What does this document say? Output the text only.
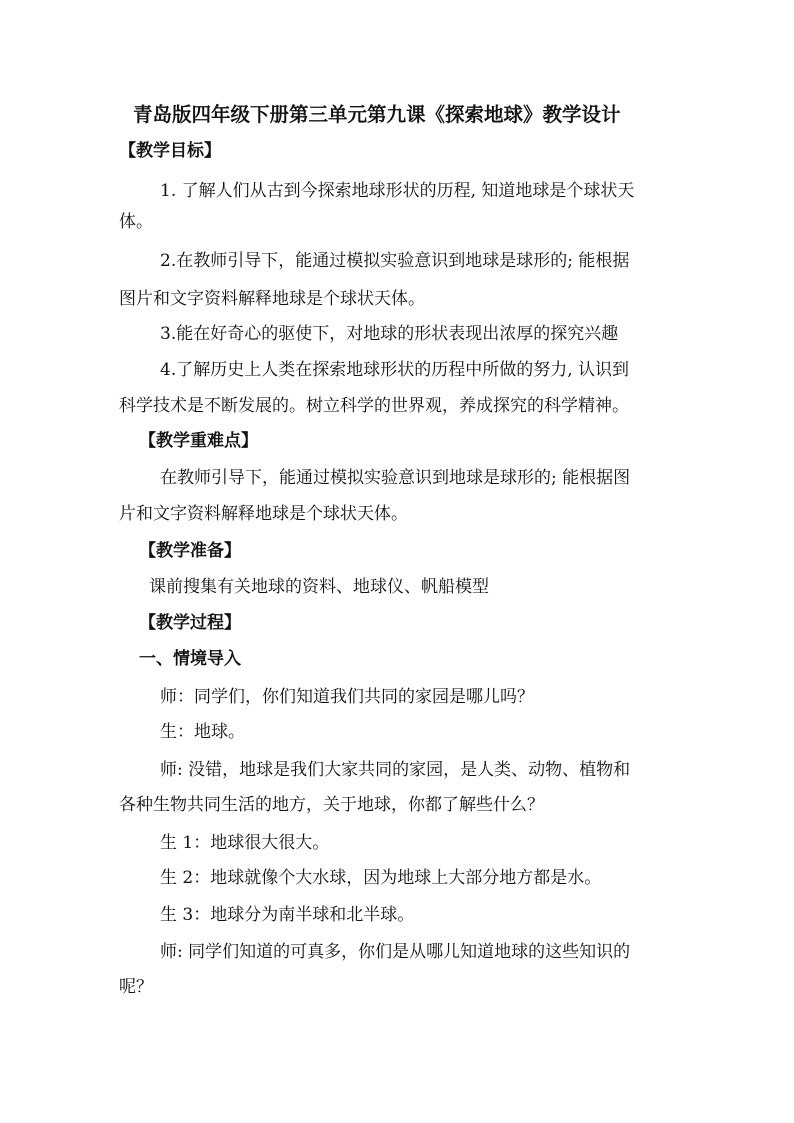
青岛版四年级下册第三单元第九课《探索地球》教学设计
【教学目标】
1. 了解人们从古到今探索地球形状的历程, 知道地球是个球状天
体。
2.在教师引导下，能通过模拟实验意识到地球是球形的; 能根据
图片和文字资料解释地球是个球状天体。
3.能在好奇心的驱使下，对地球的形状表现出浓厚的探究兴趣
4.了解历史上人类在探索地球形状的历程中所做的努力, 认识到
科学技术是不断发展的。树立科学的世界观，养成探究的科学精神。
【教学重难点】
在教师引导下，能通过模拟实验意识到地球是球形的; 能根据图
片和文字资料解释地球是个球状天体。
【教学准备】
课前搜集有关地球的资料、地球仪、帆船模型
【教学过程】
一、情境导入
师：同学们，你们知道我们共同的家园是哪儿吗？
生：地球。
师: 没错，地球是我们大家共同的家园，是人类、动物、植物和
各种生物共同生活的地方，关于地球，你都了解些什么？
生 1：地球很大很大。
生 2：地球就像个大水球，因为地球上大部分地方都是水。
生 3：地球分为南半球和北半球。
师: 同学们知道的可真多，你们是从哪儿知道地球的这些知识的
呢？
